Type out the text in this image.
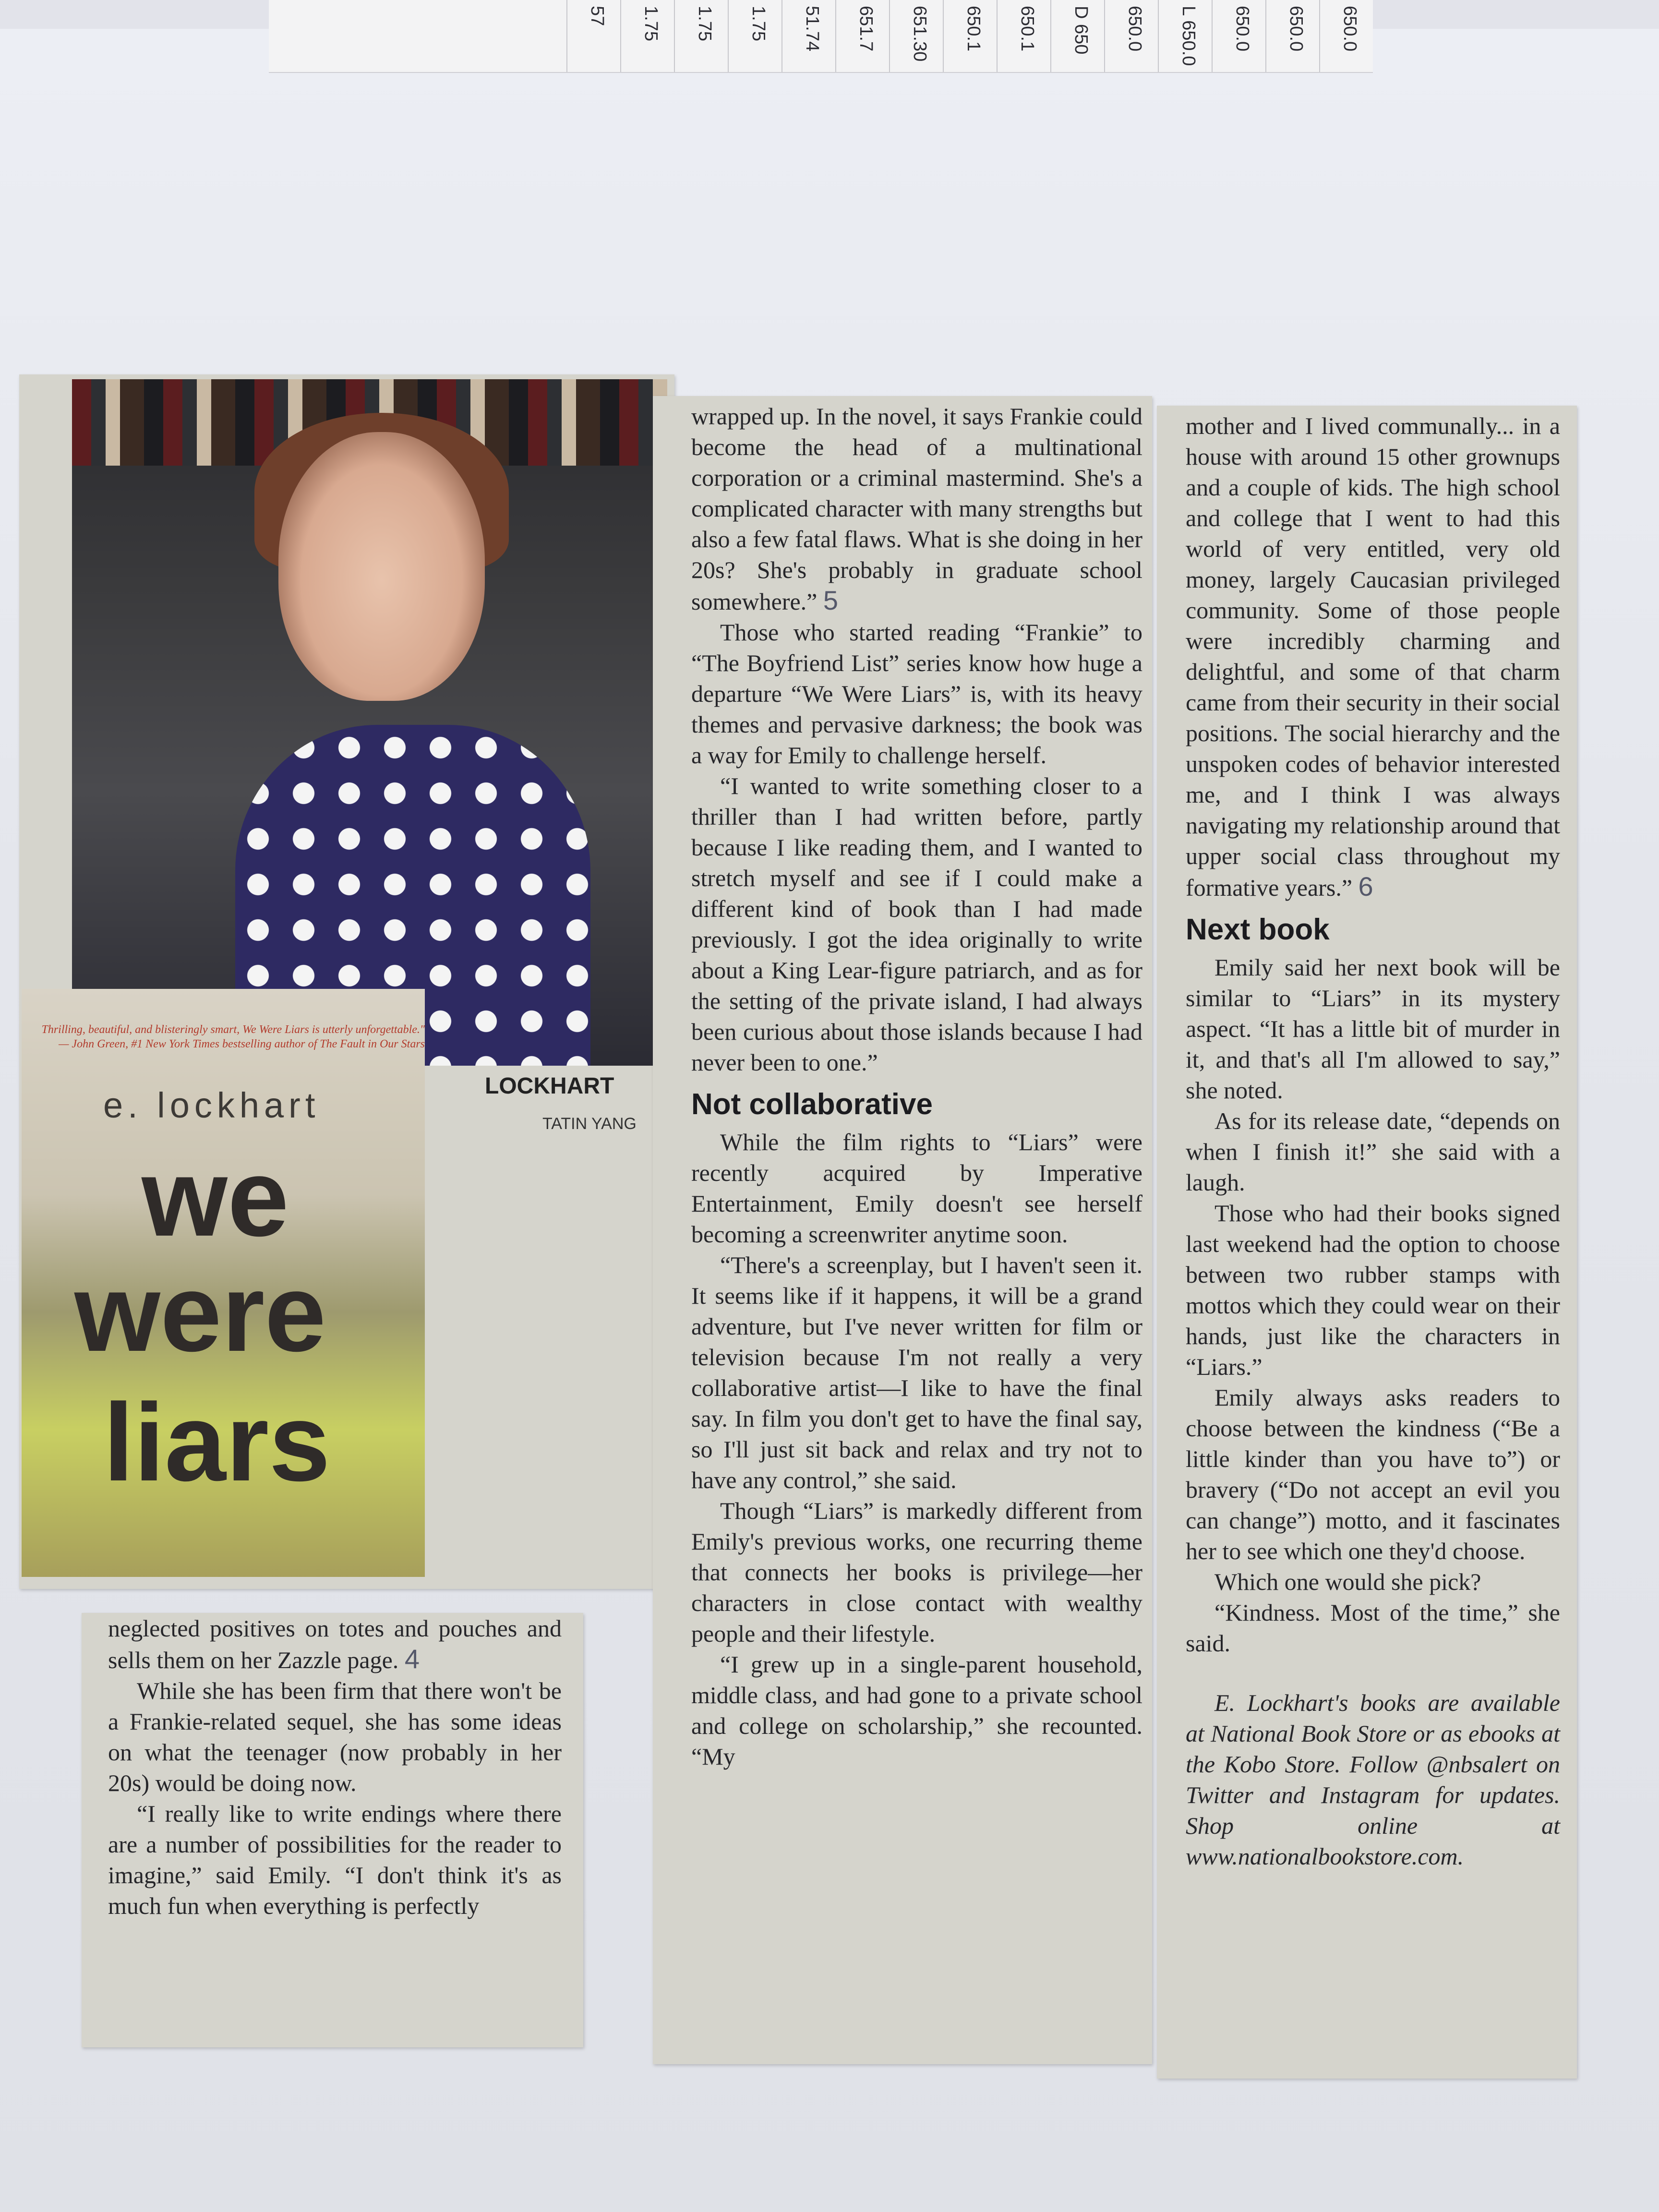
650.0
650.0
650.0
L 650.0
650.0
D 650
650.1
650.1
651.30
651.7
51.74
1.75
1.75
1.75
57
LOCKHART
TATIN YANG
Thrilling, beautiful, and blisteringly smart, We Were Liars is utterly unforgettable." — John Green, #1 New York Times bestselling author of The Fault in Our Stars
e. lockhart
we
were
liars

neglected positives on totes and pouches and sells them on her Zazzle page. 4

While she has been firm that there won't be a Frankie-related sequel, she has some ideas on what the teenager (now probably in her 20s) would be doing now.

“I really like to write endings where there are a number of possibilities for the reader to imagine,” said Emily. “I don't think it's as much fun when everything is perfectly

wrapped up. In the novel, it says Frankie could become the head of a multinational corporation or a criminal mastermind. She's a complicated character with many strengths but also a few fatal flaws. What is she doing in her 20s? She's probably in graduate school somewhere.” 5

Those who started reading “Frankie” to “The Boyfriend List” series know how huge a departure “We Were Liars” is, with its heavy themes and pervasive darkness; the book was a way for Emily to challenge herself.

“I wanted to write something closer to a thriller than I had written before, partly because I like reading them, and I wanted to stretch myself and see if I could make a different kind of book than I had made previously. I got the idea originally to write about a King Lear-figure patriarch, and as for the setting of the private island, I had always been curious about those islands because I had never been to one.”

Not collaborative

While the film rights to “Liars” were recently acquired by Imperative Entertainment, Emily doesn't see herself becoming a screenwriter anytime soon.

“There's a screenplay, but I haven't seen it. It seems like if it happens, it will be a grand adventure, but I've never written for film or television because I'm not really a very collaborative artist—I like to have the final say. In film you don't get to have the final say, so I'll just sit back and relax and try not to have any control,” she said.

Though “Liars” is markedly different from Emily's previous works, one recurring theme that connects her books is privilege—her characters in close contact with wealthy people and their lifestyle.

“I grew up in a single-parent household, middle class, and had gone to a private school and college on scholarship,” she recounted. “My

mother and I lived communally... in a house with around 15 other grownups and a couple of kids. The high school and college that I went to had this world of very entitled, very old money, largely Caucasian privileged community. Some of those people were incredibly charming and delightful, and some of that charm came from their security in their social positions. The social hierarchy and the unspoken codes of behavior interested me, and I think I was always navigating my relationship around that upper social class throughout my formative years.” 6

Next book

Emily said her next book will be similar to “Liars” in its mystery aspect. “It has a little bit of murder in it, and that's all I'm allowed to say,” she noted.

As for its release date, “depends on when I finish it!” she said with a laugh.

Those who had their books signed last weekend had the option to choose between two rubber stamps with mottos which they could wear on their hands, just like the characters in “Liars.”

Emily always asks readers to choose between the kindness (“Be a little kinder than you have to”) or bravery (“Do not accept an evil you can change”) motto, and it fascinates her to see which one they'd choose.

Which one would she pick?

“Kindness. Most of the time,” she said.

E. Lockhart's books are available at National Book Store or as ebooks at the Kobo Store. Follow @nbsalert on Twitter and Instagram for updates. Shop online at www.nationalbookstore.com.
